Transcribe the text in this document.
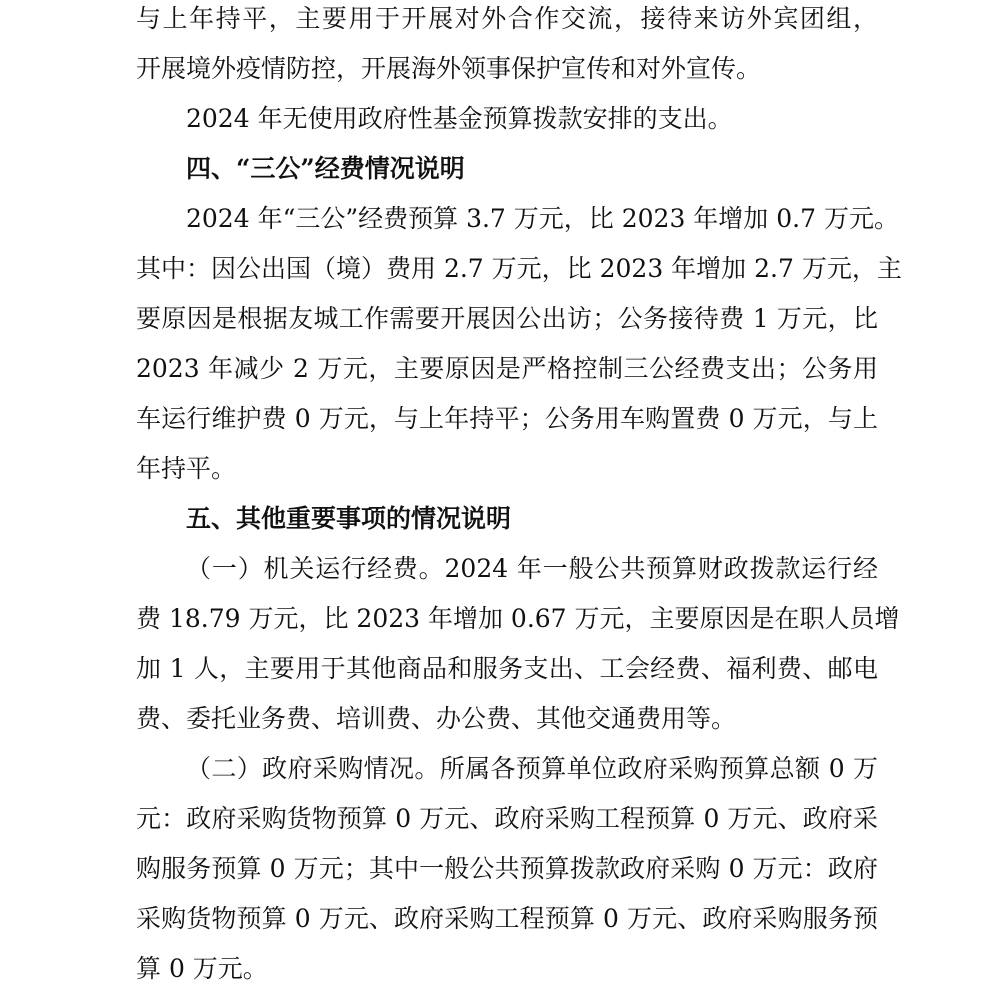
与上年持平，主要用于开展对外合作交流，接待来访外宾团组，
开展境外疫情防控，开展海外领事保护宣传和对外宣传。
2024 年无使用政府性基金预算拨款安排的支出。
四、“三公”经费情况说明
2024 年“三公”经费预算 3.7 万元，比 2023 年增加 0.7 万元。
其中：因公出国（境）费用 2.7 万元，比 2023 年增加 2.7 万元，主
要原因是根据友城工作需要开展因公出访；公务接待费 1 万元，比
2023 年减少 2 万元，主要原因是严格控制三公经费支出；公务用
车运行维护费 0 万元，与上年持平；公务用车购置费 0 万元，与上
年持平。
五、其他重要事项的情况说明
（一）机关运行经费。2024 年一般公共预算财政拨款运行经
费 18.79 万元，比 2023 年增加 0.67 万元，主要原因是在职人员增
加 1 人，主要用于其他商品和服务支出、工会经费、福利费、邮电
费、委托业务费、培训费、办公费、其他交通费用等。
（二）政府采购情况。所属各预算单位政府采购预算总额 0 万
元：政府采购货物预算 0 万元、政府采购工程预算 0 万元、政府采
购服务预算 0 万元；其中一般公共预算拨款政府采购 0 万元：政府
采购货物预算 0 万元、政府采购工程预算 0 万元、政府采购服务预
算 0 万元。
